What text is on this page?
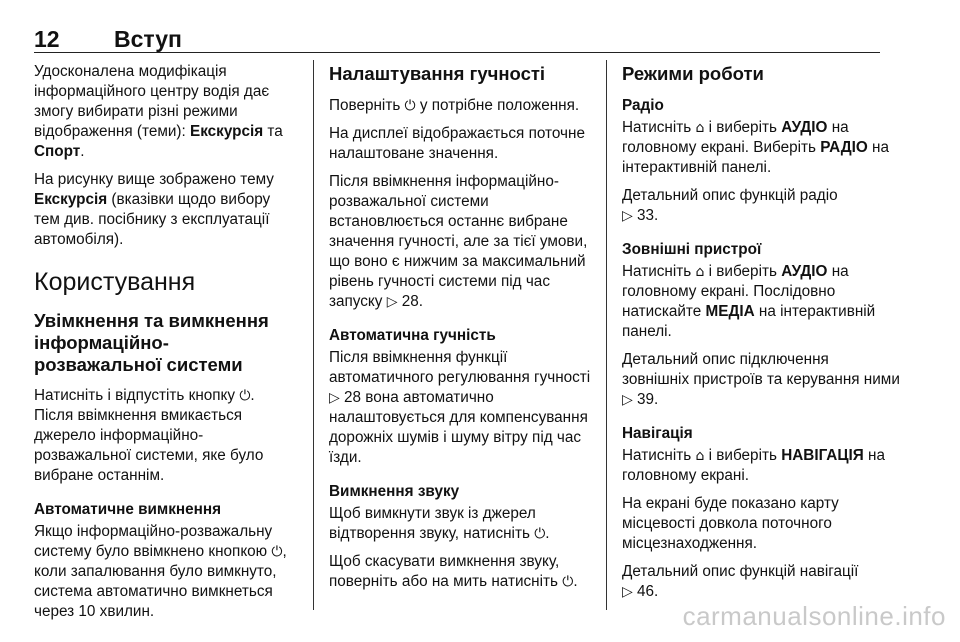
12 Вступ

Удосконалена модифікація інформаційного центру водія дає змогу вибирати різні режими відображення (теми): Екскурсія та Спорт.

На рисунку вище зображено тему Екскурсія (вказівки щодо вибору тем див. посібнику з експлуатації автомобіля).

Користування
Увімкнення та вимкнення інформаційно-розважальної системи

Натисніть і відпустіть кнопку ⏻. Після ввімкнення вмикається джерело інформаційно-розважальної системи, яке було вибране останнім.

Автоматичне вимкнення

Якщо інформаційно-розважальну систему було ввімкнено кнопкою ⏻, коли запалювання було вимкнуто, система автоматично вимкнеться через 10 хвилин.

Налаштування гучності

Поверніть ⏻ у потрібне положення.

На дисплеї відображається поточне налаштоване значення.

Після ввімкнення інформаційно-розважальної системи встановлюється останнє вибране значення гучності, але за тієї умови, що воно є нижчим за максимальний рівень гучності системи під час запуску ▷ 28.

Автоматична гучність

Після ввімкнення функції автоматичного регулювання гучності ▷ 28 вона автоматично налаштовується для компенсування дорожніх шумів і шуму вітру під час їзди.

Вимкнення звуку

Щоб вимкнути звук із джерел відтворення звуку, натисніть ⏻.

Щоб скасувати вимкнення звуку, поверніть або на мить натисніть ⏻.

Режими роботи
Радіо

Натисніть ⌂ і виберіть АУДІО на головному екрані. Виберіть РАДІО на інтерактивній панелі.

Детальний опис функцій радіо
▷ 33.

Зовнішні пристрої

Натисніть ⌂ і виберіть АУДІО на головному екрані. Послідовно натискайте МЕДІА на інтерактивній панелі.

Детальний опис підключення зовнішніх пристроїв та керування ними ▷ 39.

Навігація

Натисніть ⌂ і виберіть НАВІГАЦІЯ на головному екрані.

На екрані буде показано карту місцевості довкола поточного місцезнаходження.

Детальний опис функцій навігації
▷ 46.

carmanualsonline.info
